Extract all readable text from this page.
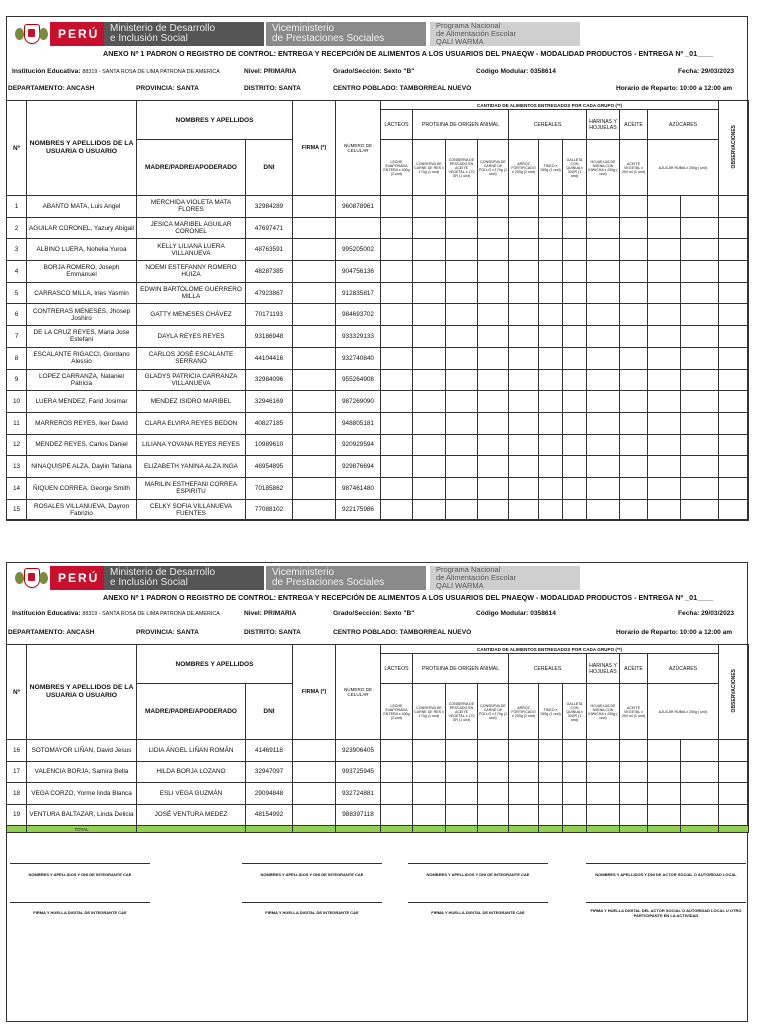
PERÚ	Ministerio de Desarrollo
e Inclusión Social
Viceministerio
de Prestaciones Sociales
Programa Nacional
de Alimentación Escolar
QALI WARMA
ANEXO Nº 1 PADRON O REGISTRO DE CONTROL: ENTREGA Y RECEPCIÓN DE ALIMENTOS A LOS USUARIOS DEL PNAEQW - MODALIDAD PRODUCTOS - ENTREGA Nº _01____
Institución Educativa: 88319 - SANTA ROSA DE LIMA PATRONA DE AMERICA	Nivel: PRIMARIA	Grado/Sección: Sexto "B"	Código Modular: 0358614	Fecha: 29/03/2023
DEPARTAMENTO: ANCASH	PROVINCIA: SANTA	DISTRITO: SANTA	CENTRO POBLADO: TAMBORREAL NUEVO	Horario de Reparto: 10:00 a 12:00 am
Nº	NOMBRES Y APELLIDOS DE LA USUARIA O USUARIO	NOMBRES Y APELLIDOS		FIRMA (*)	NÚMERO DE CELULAR	CANTIDAD DE ALIMENTOS ENTREGADOS POR CADA GRUPO (**)											OBSERVACIONES
						LÁCTEOS	PROTEINA DE ORIGEN ANIMAL			CEREALES			HARINAS Y HOJUELAS	ACEITE	AZÚCARES		
		MADRE/PADRE/APODERADO	DNI			LECHE EVAPORADA ENTERA x 400g (2 und)	CONSERVA DE CARNE DE RES x 170g (1 und)	CONSERVA DE PESCADO EN ACEITE VEGETAL x 170 GR (1 und)	CONSERVA DE CARNE DE POLLO x 170g (1 und)	ARROZ FORTIFICADO x 250g (2 und)	FIDEO x 250g (1 und)	GALLETA CON QUINUA x 30GR (1 und)	HOJUELAS DE AVENA CON KIWICHA x 250g ( und)	ACEITE VEGETAL x 200 ml (1 und)	AZUCAR RUBIA x 250g ( und)		
1	ABANTO MATA, Luis Angel	MERCHIDA VIOLETA MATA FLORES	32984289		960878961												
2	AGUILAR CORONEL, Yazury Abigail	JESICA MARIBEL AGUILAR CORONEL	47697471														
3	ALBINO LUERA, Nohelia Yuroa	KELLY LILIANA LUERA VILLANUEVA	48763591		995205002												
4	BORJA ROMERO, Joseph Emmanuel	NOEMI ESTEFANNY ROMERO HUIZA	48287385		904756136												
5	CARRASCO MILLA, Ines Yasmin	EDWIN BARTOLOME GUERRERO MILLA	47923867		912835817												
6	CONTRERAS MENESES, Jhosep Joshiro	GATTY MENESES CHÁVEZ	70171193		984693702												
7	DE LA CRUZ REYES, Maria Jose Estefani	DAYLA REYES REYES	93186948		933329133												
8	ESCALANTE RIGACCI, Giordano Alessio	CARLOS JOSÉ ESCALANTE SERRANO	44104416		932740840												
9	LOPEZ CARRANZA, Nataniel Patricia	GLADYS PATRICIA CARRANZA VILLANUEVA	32984096		955264908												
10	LUERA MENDEZ, Farid Josimar	MENDEZ ISIDRO MARIBEL	32946169		987269090												
11	MARREROS REYES, Iker David	CLARA ELVIRA REYES BEDON	40827185		948805181												
12	MENDEZ REYES, Carlos Daniel	LILIANA YOVANA REYES REYES	10989610		920929594												
13	NINAQUISPE ALZA, Daylin Tatiana	ELIZABETH YANINA ALZA INGA	46954895		929876694												
14	ÑIQUEN CORREA, George Smith	MARILIN ESTHEFANI CORREA ESPIRITU	70185862		987461480												
15	ROSALES VILLANUEVA, Dayron Fabrizio	CELKY SOFIA VILLANUEVA FUENTES	77088102		922175986												
PERÚ	Ministerio de Desarrollo
e Inclusión Social
Viceministerio
de Prestaciones Sociales
Programa Nacional
de Alimentación Escolar
QALI WARMA
ANEXO Nº 1 PADRON O REGISTRO DE CONTROL: ENTREGA Y RECEPCIÓN DE ALIMENTOS A LOS USUARIOS DEL PNAEQW - MODALIDAD PRODUCTOS - ENTREGA Nº _01____
Institución Educativa: 88319 - SANTA ROSA DE LIMA PATRONA DE AMERICA	Nivel: PRIMARIA	Grado/Sección: Sexto "B"	Código Modular: 0358614	Fecha: 29/03/2023
DEPARTAMENTO: ANCASH	PROVINCIA: SANTA	DISTRITO: SANTA	CENTRO POBLADO: TAMBORREAL NUEVO	Horario de Reparto: 10:00 a 12:00 am
Nº	NOMBRES Y APELLIDOS DE LA USUARIA O USUARIO	NOMBRES Y APELLIDOS		FIRMA (*)	NÚMERO DE CELULAR	CANTIDAD DE ALIMENTOS ENTREGADOS POR CADA GRUPO (**)											OBSERVACIONES
						LÁCTEOS	PROTEINA DE ORIGEN ANIMAL			CEREALES			HARINAS Y HOJUELAS	ACEITE	AZÚCARES		
		MADRE/PADRE/APODERADO	DNI			LECHE EVAPORADA ENTERA x 400g (2 und)	CONSERVA DE CARNE DE RES x 170g (1 und)	CONSERVA DE PESCADO EN ACEITE VEGETAL x 170 GR (1 und)	CONSERVA DE CARNE DE POLLO x 170g (1 und)	ARROZ FORTIFICADO x 250g (2 und)	FIDEO x 250g (1 und)	GALLETA CON QUINUA x 30GR (1 und)	HOJUELAS DE AVENA CON KIWICHA x 250g ( und)	ACEITE VEGETAL x 200 ml (1 und)	AZUCAR RUBIA x 250g ( und)		
16	SOTOMAYOR LIÑAN, David Jesus	LIDIA ÁNGEL LIÑAN ROMÁN	41469118		923906405												
17	VALENCIA BORJA, Samira Bella	HILDA BORJA LOZANO	32947097		993725945												
18	VEGA CORZO, Yorme linda Blanca	ESLI VEGA GUZMÁN	29094848		932724881												
19	VENTURA BALTAZAR, Linda Delicia	JOSÉ VENTURA MEDEZ	48154992		988397118												
	TOTAL																
NOMBRES Y APELLIDOS Y DNI DE INTEGRANTE CAE	NOMBRES Y APELLIDOS Y DNI DE INTEGRANTE CAE	NOMBRES Y APELLIDOS Y DNI DE INTEGRANTE CAE	NOMBRES Y APELLIDOS Y DNI DE ACTOR SOCIAL O AUTORIDAD LOCAL
FIRMA Y HUELLA DIGITAL DE INTEGRANTE CAE	FIRMA Y HUELLA DIGITAL DE INTEGRANTE CAE	FIRMA Y HUELLA DIGITAL DE INTEGRANTE CAE	FIRMA Y HUELLA DIGITAL DEL ACTOR SOCIAL O AUTORIDAD LOCAL U OTRO PARTICIPANTE EN LA ACTIVIDAD
